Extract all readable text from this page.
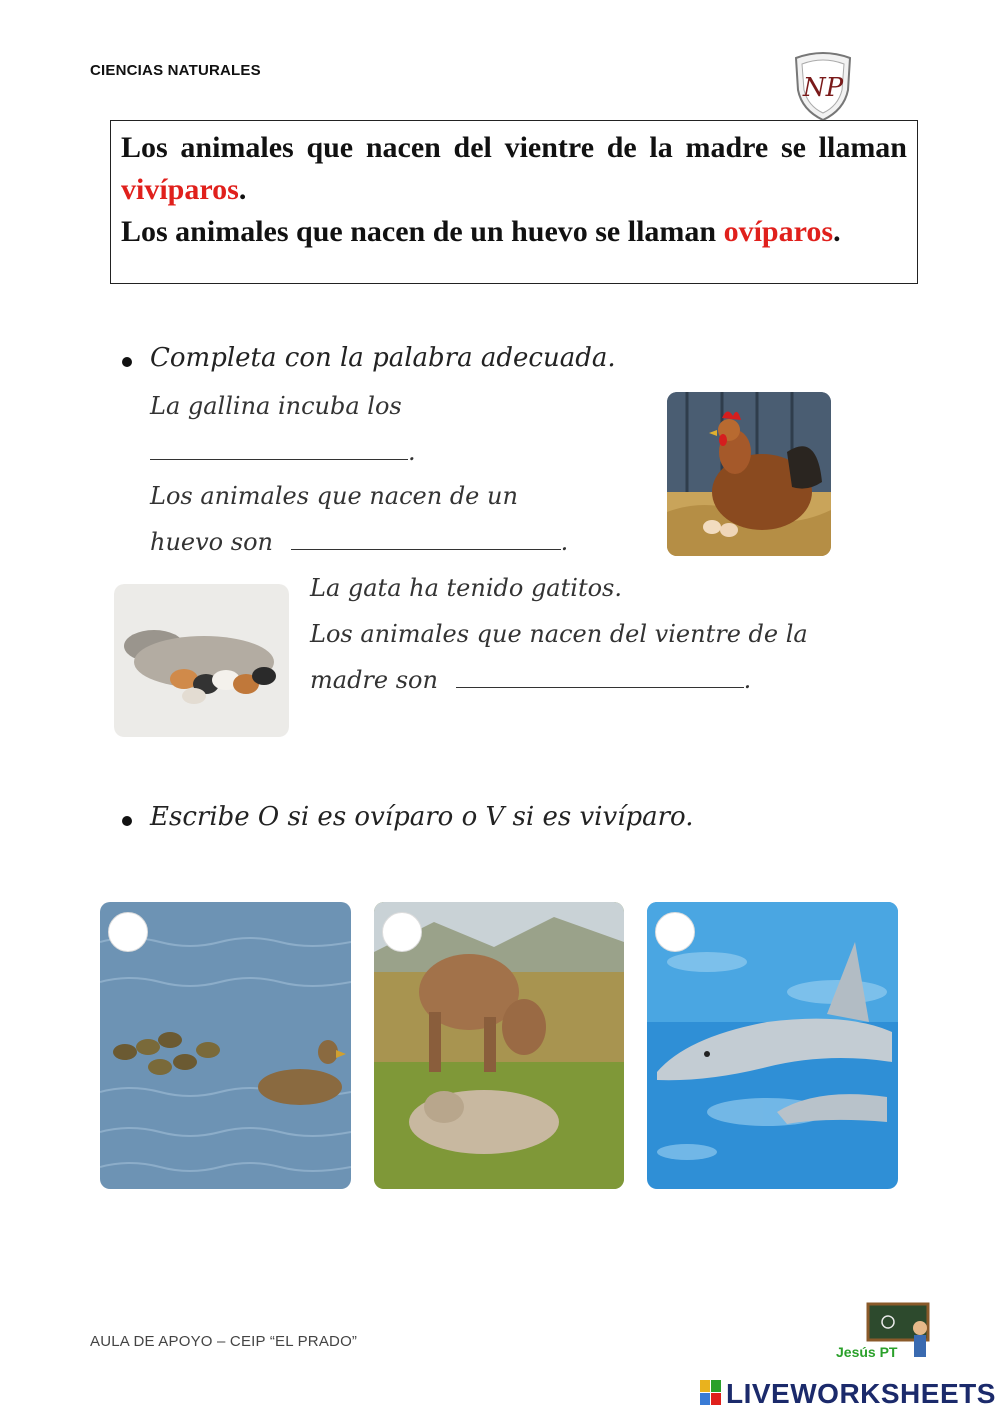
CIENCIAS NATURALES
NP

Los animales que nacen del vientre de la madre se llaman vivíparos.

Los animales que nacen de un huevo se llaman ovíparos.

Completa con la palabra adecuada.
La gallina incuba los
.
Los animales que nacen de un
huevo son	.
La gata ha tenido gatitos.
Los animales que nacen del vientre de la
madre son	.
Escribe O si es ovíparo o V si es vivíparo.
AULA DE APOYO – CEIP “EL PRADO”
Jesús PT
LIVEWORKSHEETS
